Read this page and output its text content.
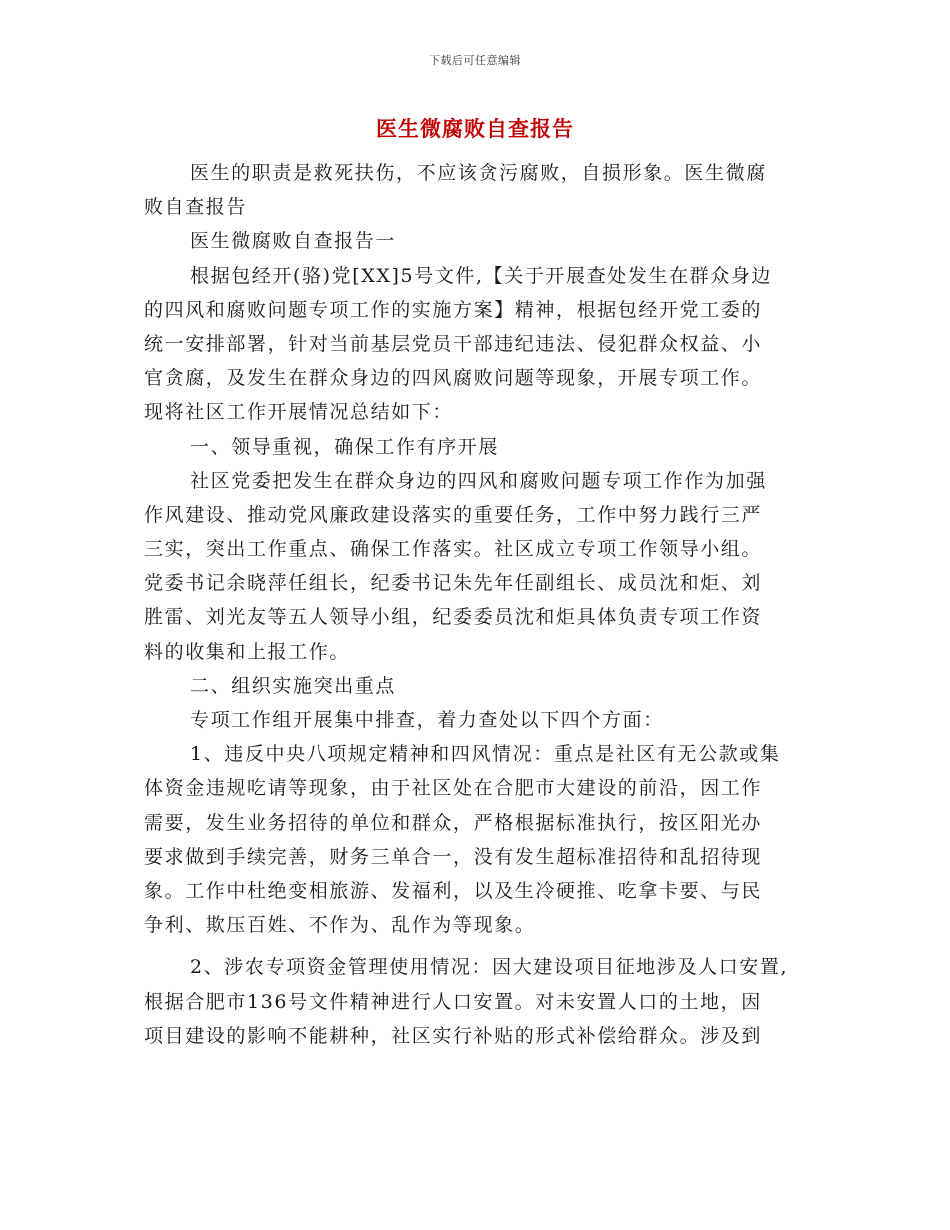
下载后可任意编辑
医生微腐败自查报告
医生的职责是救死扶伤，不应该贪污腐败，自损形象。医生微腐
败自查报告
医生微腐败自查报告一
根据包经开(骆)党[XX]5号文件,【关于开展查处发生在群众身边
的四风和腐败问题专项工作的实施方案】精神，根据包经开党工委的
统一安排部署，针对当前基层党员干部违纪违法、侵犯群众权益、小
官贪腐，及发生在群众身边的四风腐败问题等现象，开展专项工作。
现将社区工作开展情况总结如下：
一、领导重视，确保工作有序开展
社区党委把发生在群众身边的四风和腐败问题专项工作作为加强
作风建设、推动党风廉政建设落实的重要任务，工作中努力践行三严
三实，突出工作重点、确保工作落实。社区成立专项工作领导小组。
党委书记余晓萍任组长，纪委书记朱先年任副组长、成员沈和炬、刘
胜雷、刘光友等五人领导小组，纪委委员沈和炬具体负责专项工作资
料的收集和上报工作。
二、组织实施突出重点
专项工作组开展集中排查，着力查处以下四个方面：
1、违反中央八项规定精神和四风情况：重点是社区有无公款或集
体资金违规吃请等现象，由于社区处在合肥市大建设的前沿，因工作
需要，发生业务招待的单位和群众，严格根据标准执行，按区阳光办
要求做到手续完善，财务三单合一，没有发生超标准招待和乱招待现
象。工作中杜绝变相旅游、发福利，以及生冷硬推、吃拿卡要、与民
争利、欺压百姓、不作为、乱作为等现象。
2、涉农专项资金管理使用情况：因大建设项目征地涉及人口安置,
根据合肥市136号文件精神进行人口安置。对未安置人口的土地，因
项目建设的影响不能耕种，社区实行补贴的形式补偿给群众。涉及到
